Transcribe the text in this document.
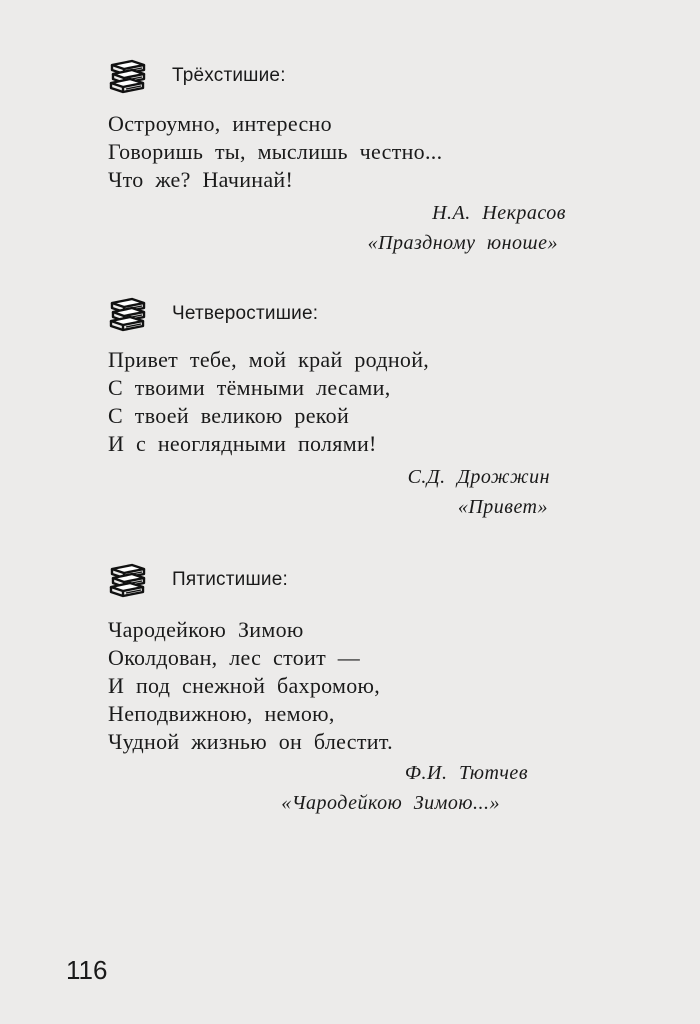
Трёхстишие:
Остроумно, интересно
Говоришь ты, мыслишь честно...
Что же? Начинай!
Н.А. Некрасов
«Праздному юноше»
Четверостишие:
Привет тебе, мой край родной,
С твоими тёмными лесами,
С твоей великою рекой
И с неоглядными полями!
С.Д. Дрожжин
«Привет»
Пятистишие:
Чародейкою Зимою
Околдован, лес стоит —
И под снежной бахромою,
Неподвижною, немою,
Чудной жизнью он блестит.
Ф.И. Тютчев
«Чародейкою Зимою...»
116
